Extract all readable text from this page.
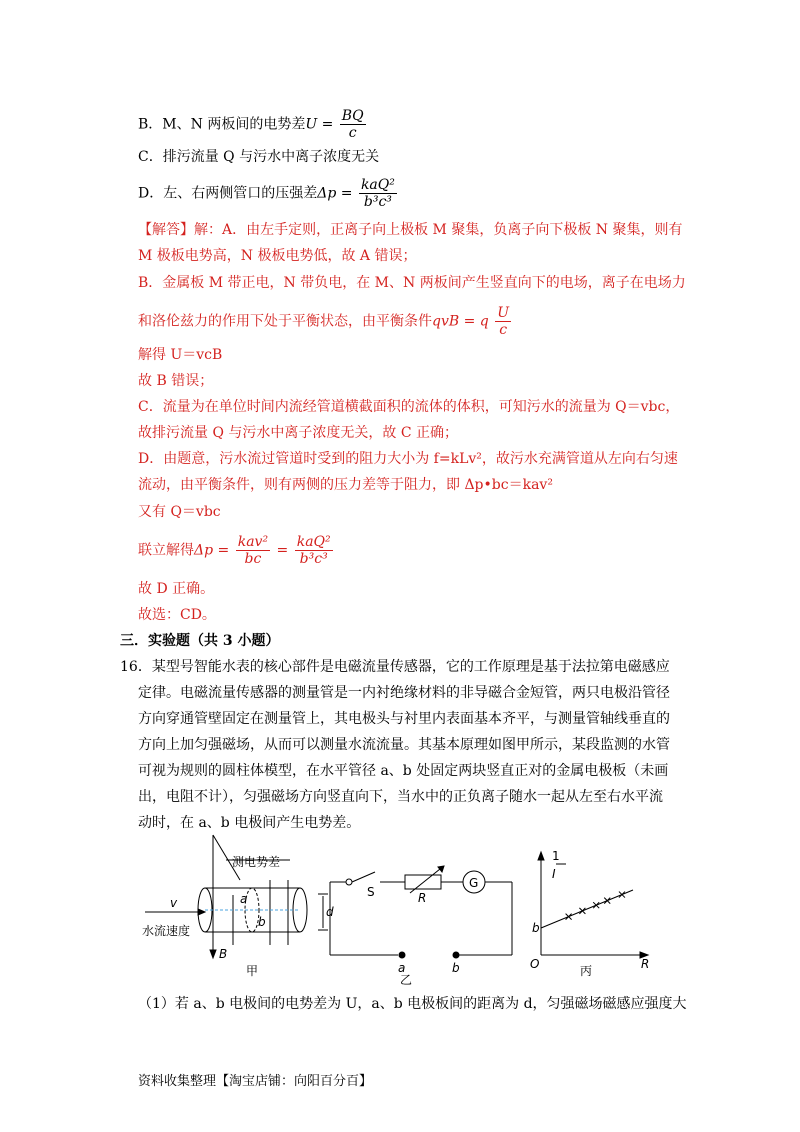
B．M、N 两板间的电势差$U = \frac{BQ}{c}$
C．排污流量 Q 与污水中离子浓度无关
D．左、右两侧管口的压强差$\Delta p = \frac{\text{kaQ²}}{\text{b³c³}}$
【解答】解：A．由左手定则，正离子向上极板 M 聚集，负离子向下极板 N 聚集，则有
M 极板电势高，N 极板电势低，故 A 错误；
B．金属板 M 带正电，N 带负电，在 M、N 两板间产生竖直向下的电场，离子在电场力
和洛伦兹力的作用下处于平衡状态，由平衡条件qvB = q $\frac{U}{c}$
解得 U＝vcB
故 B 错误；
C．流量为在单位时间内流经管道横截面积的流体的体积，可知污水的流量为 Q＝vbc，
故排污流量 Q 与污水中离子浓度无关，故 C 正确；
D．由题意，污水流过管道时受到的阻力大小为 f=kLv²，故污水充满管道从左向右匀速
流动，由平衡条件，则有两侧的压力差等于阻力，即 Δp•bc＝kav²
又有 Q＝vbc
联立解得$\Delta p = \frac{\text{kav²}}{bc} = \frac{\text{kaQ²}}{\text{b³c³}}$
故 D 正确。
故选：CD。
三．实验题（共 3 小题）
16．某型号智能水表的核心部件是电磁流量传感器，它的工作原理是基于法拉第电磁感应
定律。电磁流量传感器的测量管是一内衬绝缘材料的非导磁合金短管，两只电极沿管径
方向穿通管壁固定在测量管上，其电极头与衬里内表面基本齐平，与测量管轴线垂直的
方向上加匀强磁场，从而可以测量水流流量。其基本原理如图甲所示，某段监测的水管
可视为规则的圆柱体模型，在水平管径 a、b 处固定两块竖直正对的金属电极板（未画
出，电阻不计），匀强磁场方向竖直向下，当水中的正负离子随水一起从左至右水平流
动时，在 a、b 电极间产生电势差。
测电势差
v
水流速度
B
a
b
d
甲
S	R
G
a	b
乙
1
I
O
b
R
丙
（1）若 a、b 电极间的电势差为 U，a、b 电极板间的距离为 d，匀强磁场磁感应强度大
资料收集整理【淘宝店铺：向阳百分百】
